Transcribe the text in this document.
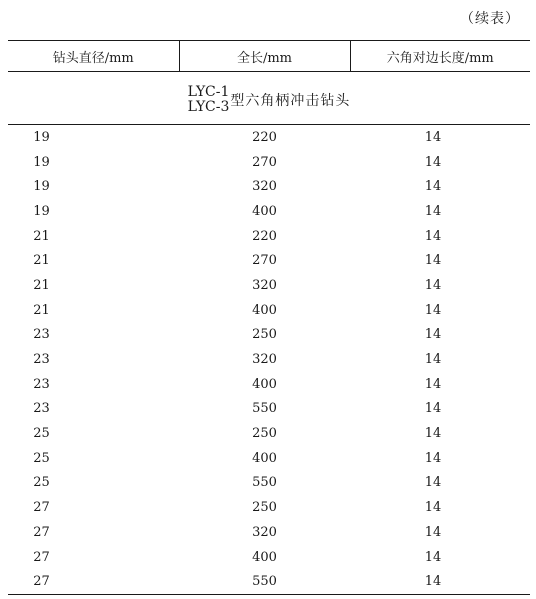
（续表）
钻头直径/mm	全长/mm	六角对边长度/mm

LYC-1
LYC-3 型六角柄冲击钻头		

19	220	14
19	270	14
19	320	14
19	400	14
21	220	14
21	270	14
21	320	14
21	400	14
23	250	14
23	320	14
23	400	14
23	550	14
25	250	14
25	400	14
25	550	14
27	250	14
27	320	14
27	400	14
27	550	14
